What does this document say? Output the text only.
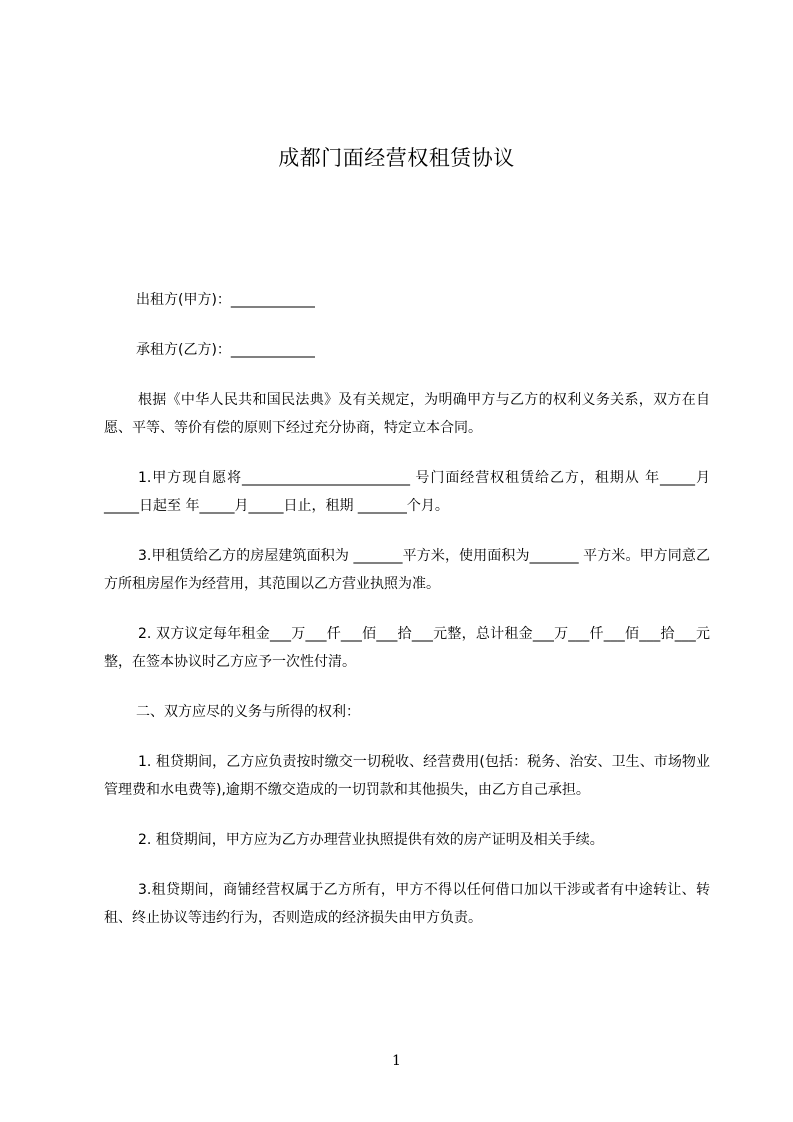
成都门面经营权租赁协议
出租方(甲方)：____________
承租方(乙方)：____________
根据《中华人民共和国民法典》及有关规定，为明确甲方与乙方的权利义务关系，双方在自愿、平等、等价有偿的原则下经过充分协商，特定立本合同。
1.甲方现自愿将________________________ 号门面经营权租赁给乙方，租期从 年_____月_____日起至 年_____月_____日止，租期 _______个月。
3.甲租赁给乙方的房屋建筑面积为 _______平方米，使用面积为_______ 平方米。甲方同意乙方所租房屋作为经营用，其范围以乙方营业执照为准。
2. 双方议定每年租金___万___仟___佰___拾___元整，总计租金___万___仟___佰___拾___元整，在签本协议时乙方应予一次性付清。
二、双方应尽的义务与所得的权利：
1. 租贷期间，乙方应负责按时缴交一切税收、经营费用(包括：税务、治安、卫生、市场物业管理费和水电费等),逾期不缴交造成的一切罚款和其他损失，由乙方自己承担。
2. 租贷期间，甲方应为乙方办理营业执照提供有效的房产证明及相关手续。
3.租贷期间，商铺经营权属于乙方所有，甲方不得以任何借口加以干涉或者有中途转让、转租、终止协议等违约行为，否则造成的经济损失由甲方负责。
1
